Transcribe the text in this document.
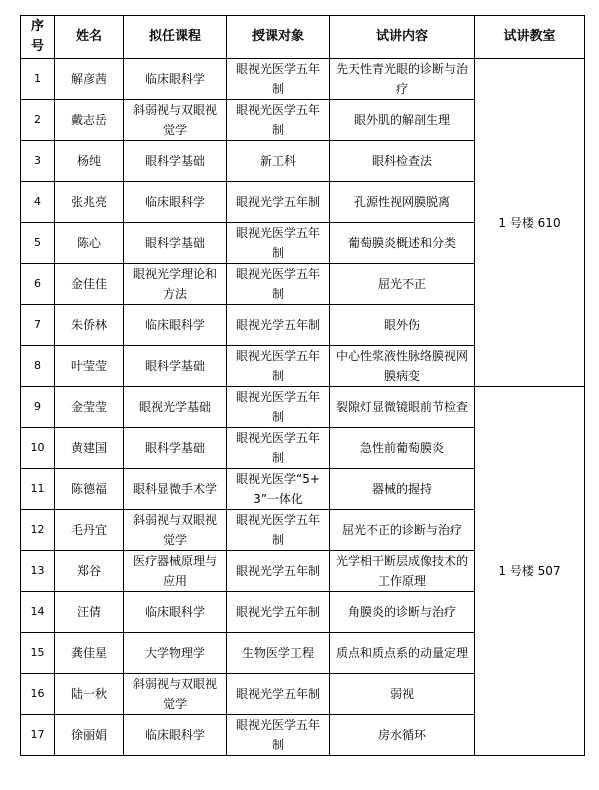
序号	姓名	拟任课程	授课对象	试讲内容	试讲教室
1	解彦茜	临床眼科学	眼视光医学五年制	先天性青光眼的诊断与治疗	1 号楼 610
2	戴志岳	斜弱视与双眼视觉学	眼视光医学五年制	眼外肌的解剖生理	
3	杨纯	眼科学基础	新工科	眼科检查法	
4	张兆亮	临床眼科学	眼视光学五年制	孔源性视网膜脱离	
5	陈心	眼科学基础	眼视光医学五年制	葡萄膜炎概述和分类	
6	金佳佳	眼视光学理论和方法	眼视光医学五年制	屈光不正	
7	朱侨林	临床眼科学	眼视光学五年制	眼外伤	
8	叶莹莹	眼科学基础	眼视光医学五年制	中心性浆液性脉络膜视网膜病变	
9	金莹莹	眼视光学基础	眼视光医学五年制	裂隙灯显微镜眼前节检查	1 号楼 507
10	黄建国	眼科学基础	眼视光医学五年制	急性前葡萄膜炎	
11	陈德福	眼科显微手术学	眼视光医学“5+3”一体化	器械的握持	
12	毛丹宜	斜弱视与双眼视觉学	眼视光医学五年制	屈光不正的诊断与治疗	
13	郑谷	医疗器械原理与应用	眼视光学五年制	光学相干断层成像技术的工作原理	
14	汪倩	临床眼科学	眼视光学五年制	角膜炎的诊断与治疗	
15	龚佳星	大学物理学	生物医学工程	质点和质点系的动量定理	
16	陆一秋	斜弱视与双眼视觉学	眼视光学五年制	弱视	
17	徐丽娟	临床眼科学	眼视光医学五年制	房水循环	
